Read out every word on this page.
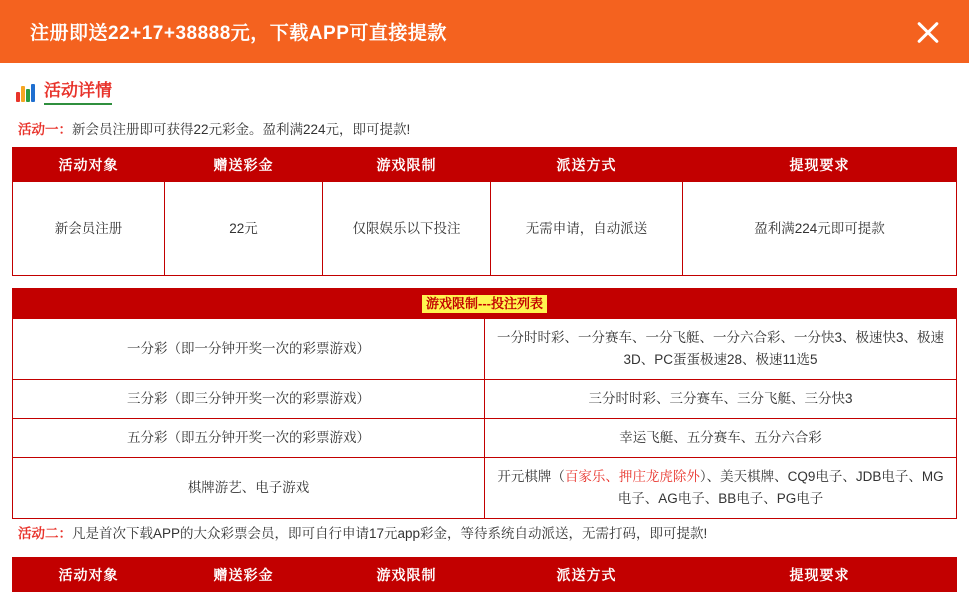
注册即送22+17+38888元，下载APP可直接提款
活动详情
活动一：新会员注册即可获得22元彩金。盈利满224元，即可提款!
活动对象	赠送彩金	游戏限制	派送方式	提现要求
新会员注册	22元	仅限娱乐以下投注	无需申请，自动派送	盈利满224元即可提款
游戏限制---投注列表	

一分彩（即一分钟开奖一次的彩票游戏）	一分时时彩、一分赛车、一分飞艇、一分六合彩、一分快3、极速快3、极速3D、PC蛋蛋极速28、极速11选5
三分彩（即三分钟开奖一次的彩票游戏）	三分时时彩、三分赛车、三分飞艇、三分快3
五分彩（即五分钟开奖一次的彩票游戏）	幸运飞艇、五分赛车、五分六合彩
棋牌游艺、电子游戏	开元棋牌（百家乐、押庄龙虎除外）、美天棋牌、CQ9电子、JDB电子、MG电子、AG电子、BB电子、PG电子
活动二：凡是首次下载APP的大众彩票会员，即可自行申请17元app彩金，等待系统自动派送，无需打码，即可提款!
活动对象	赠送彩金	游戏限制	派送方式	提现要求
